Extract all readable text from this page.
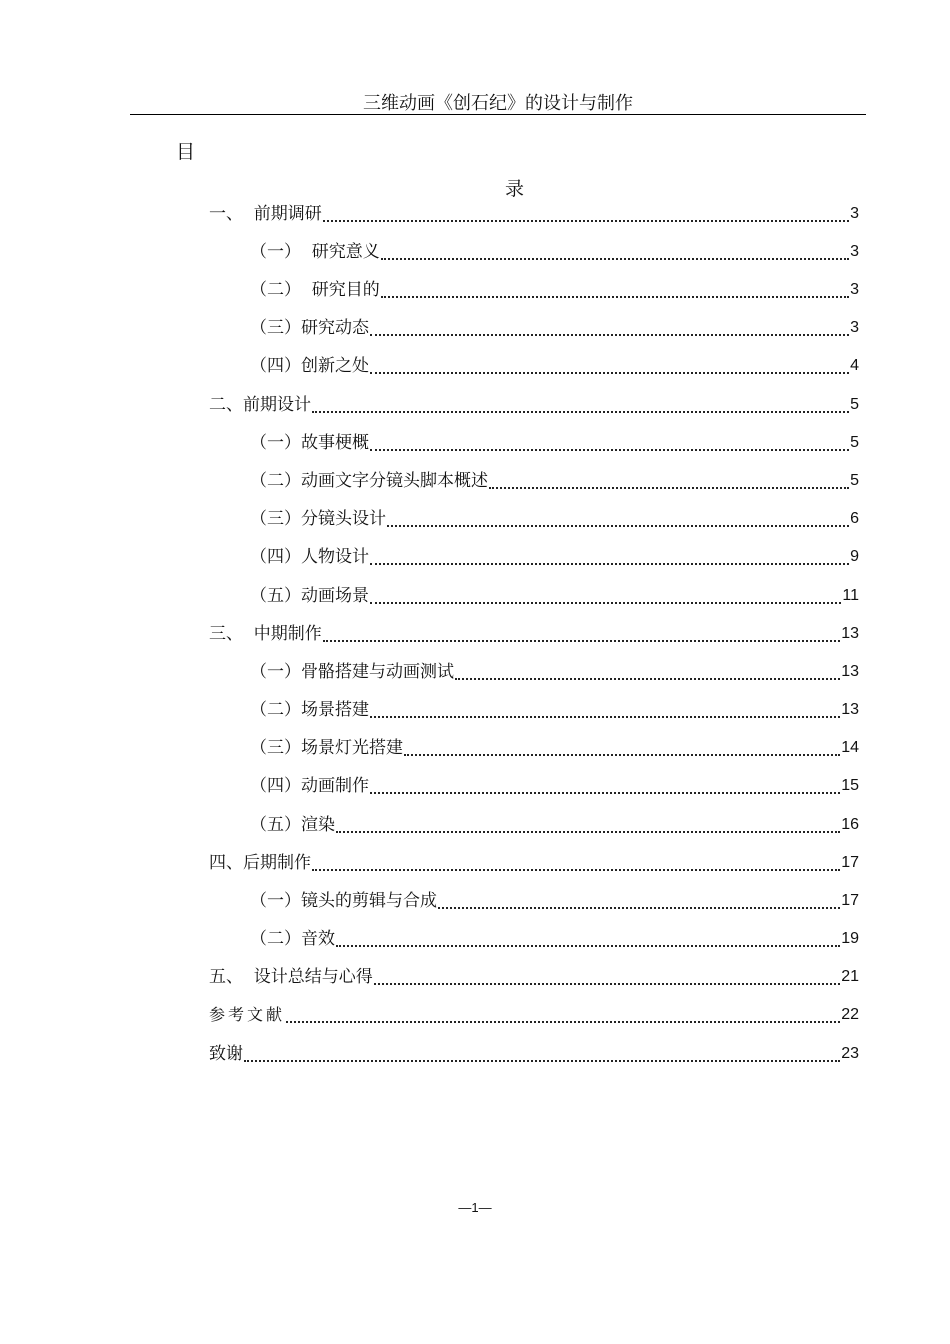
三维动画《创石纪》的设计与制作
目
录
一、  前期调研	3
（一）  研究意义	3
（二）  研究目的	3
（三）研究动态	3
（四）创新之处	4
二、前期设计	5
（一）故事梗概	5
（二）动画文字分镜头脚本概述	5
（三）分镜头设计	6
（四）人物设计	9
（五）动画场景	11
三、  中期制作	13
（一）骨骼搭建与动画测试	13
（二）场景搭建	13
（三）场景灯光搭建	14
（四）动画制作	15
（五）渲染	16
四、后期制作	17
（一）镜头的剪辑与合成	17
（二）音效	19
五、  设计总结与心得	21
参考文献	22
致谢	23
—1—
